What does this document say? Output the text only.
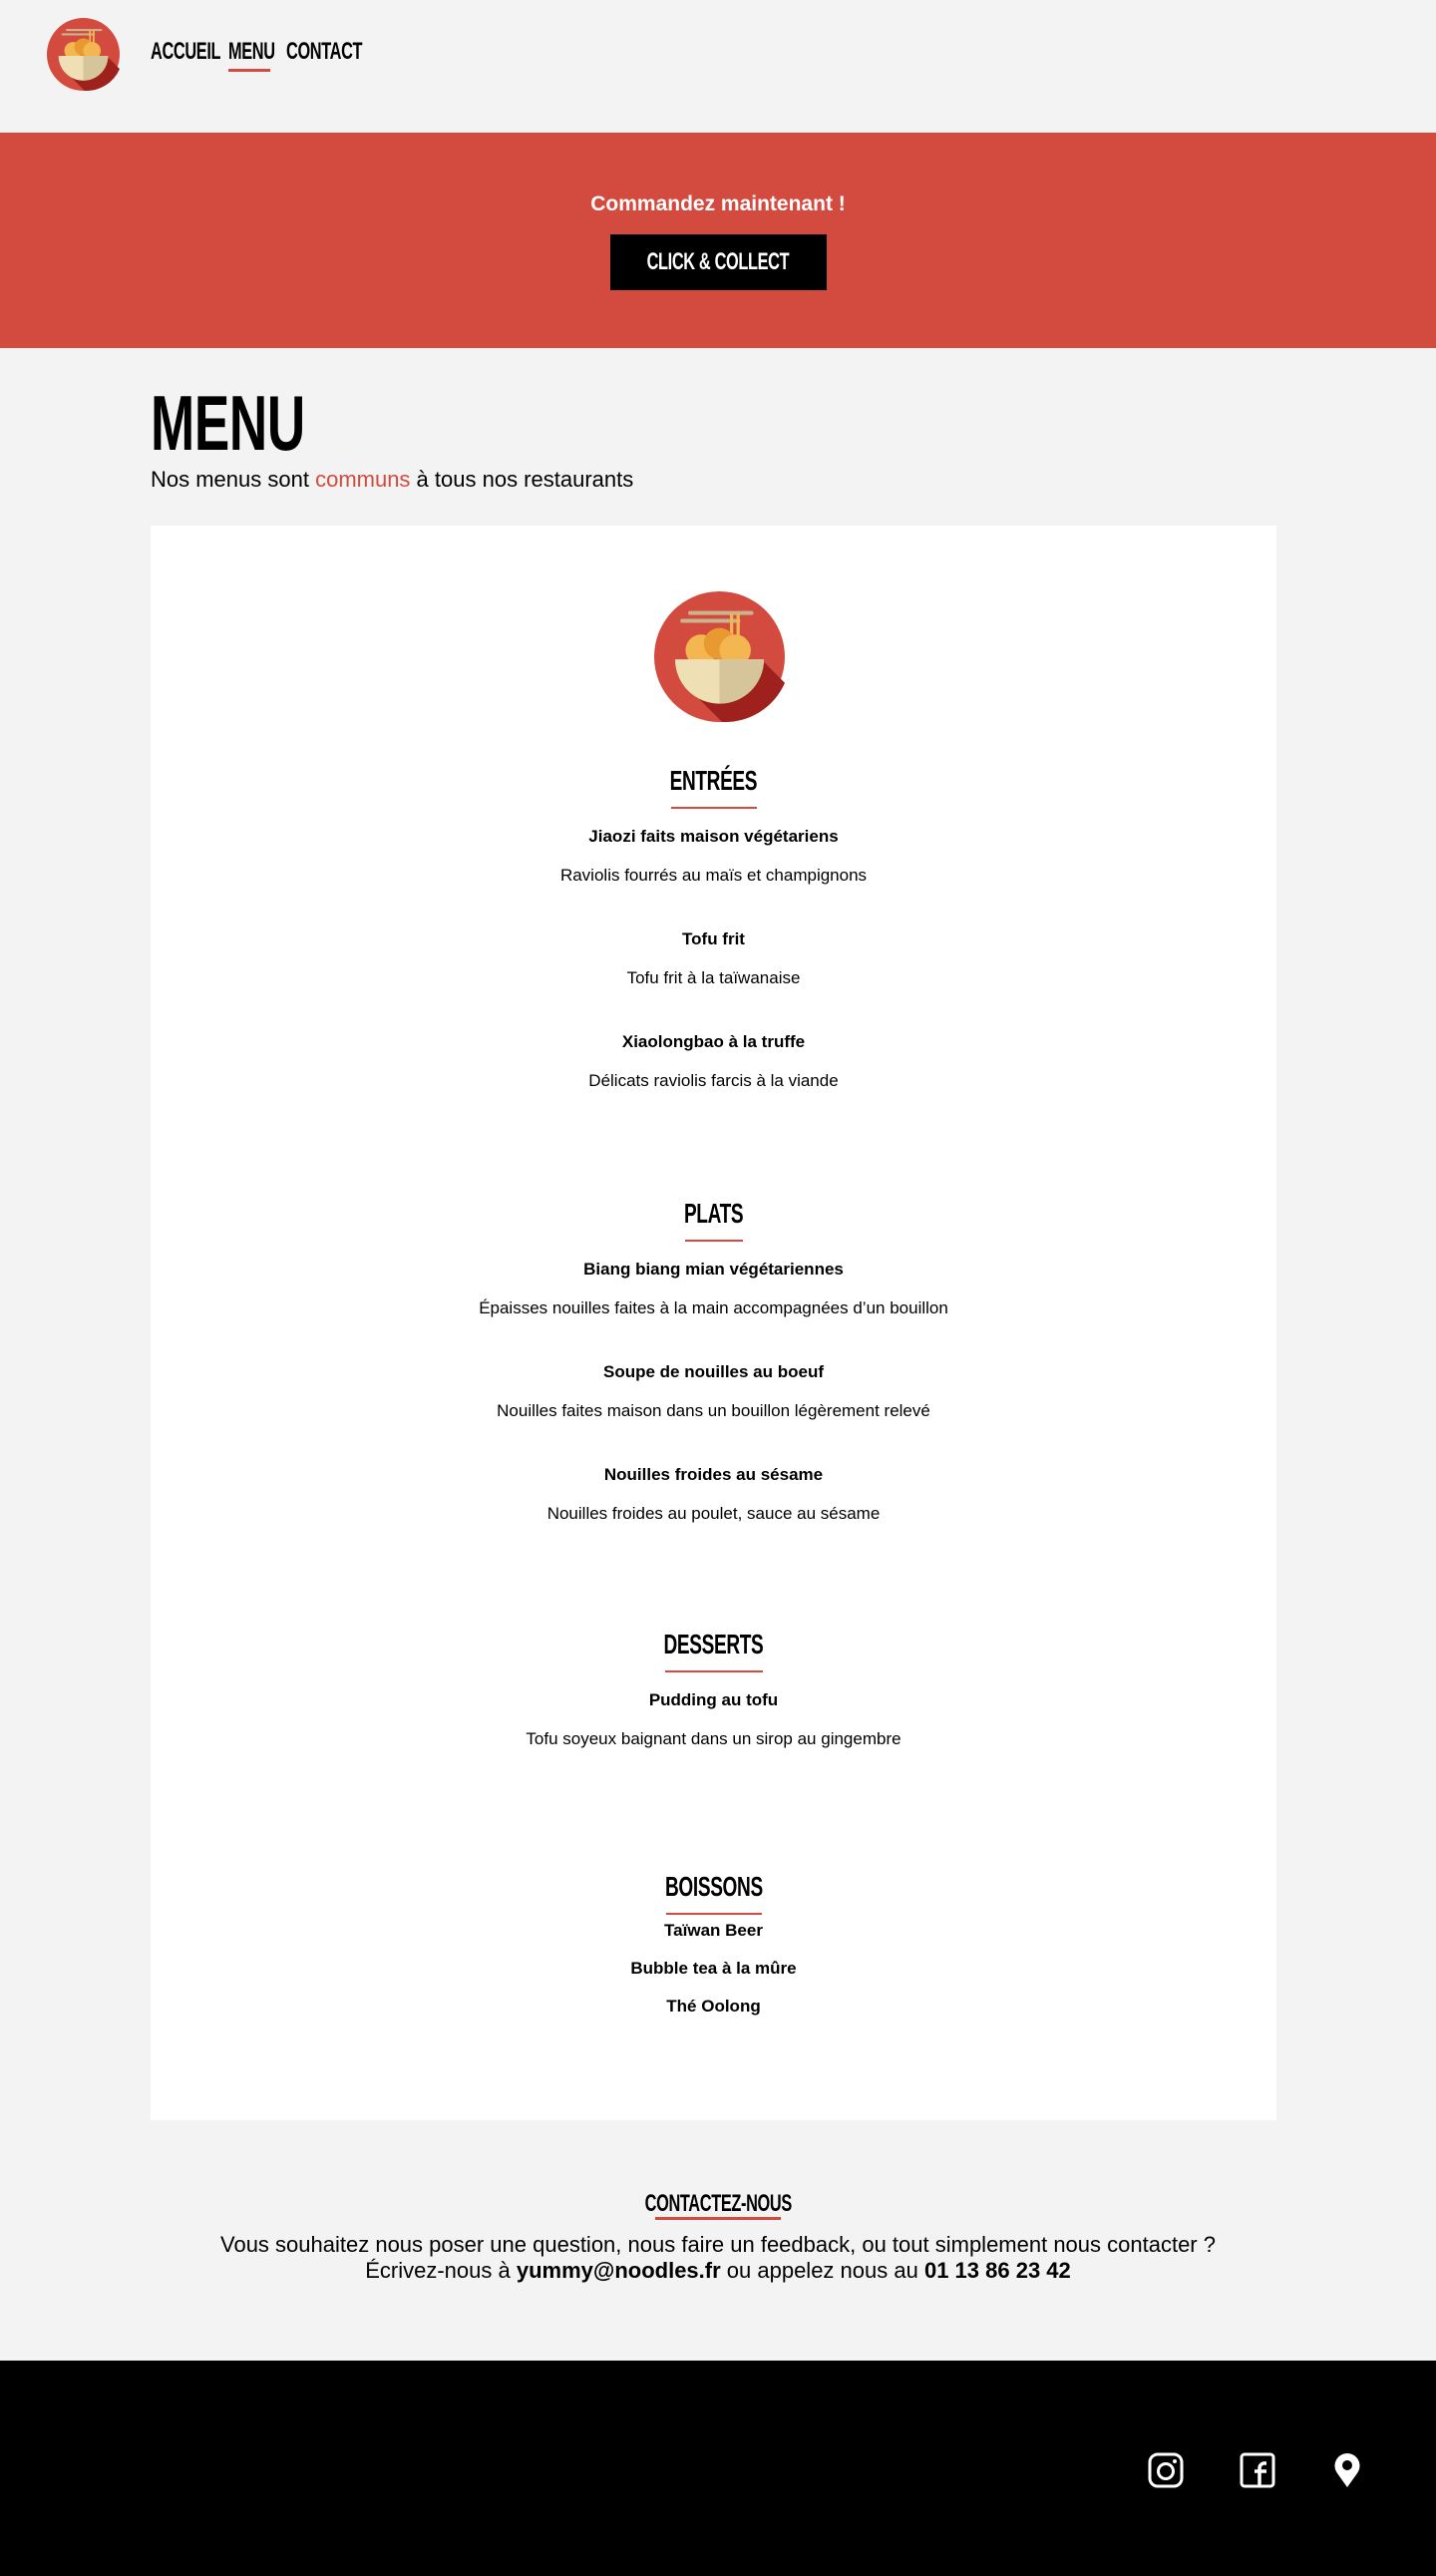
ACCUEIL MENU CONTACT

Commandez maintenant !

CLICK & COLLECT
MENU

Nos menus sont communs à tous nos restaurants

ENTRÉES
Jiaozi faits maison végétariens
Raviolis fourrés au maïs et champignons
Tofu frit
Tofu frit à la taïwanaise
Xiaolongbao à la truffe
Délicats raviolis farcis à la viande
PLATS
Biang biang mian végétariennes
Épaisses nouilles faites à la main accompagnées d’un bouillon
Soupe de nouilles au boeuf
Nouilles faites maison dans un bouillon légèrement relevé
Nouilles froides au sésame
Nouilles froides au poulet, sauce au sésame
DESSERTS
Pudding au tofu
Tofu soyeux baignant dans un sirop au gingembre
BOISSONS
Taïwan Beer
Bubble tea à la mûre
Thé Oolong
CONTACTEZ-NOUS

Vous souhaitez nous poser une question, nous faire un feedback, ou tout simplement nous contacter ?

Écrivez-nous à yummy@noodles.fr ou appelez nous au 01 13 86 23 42
